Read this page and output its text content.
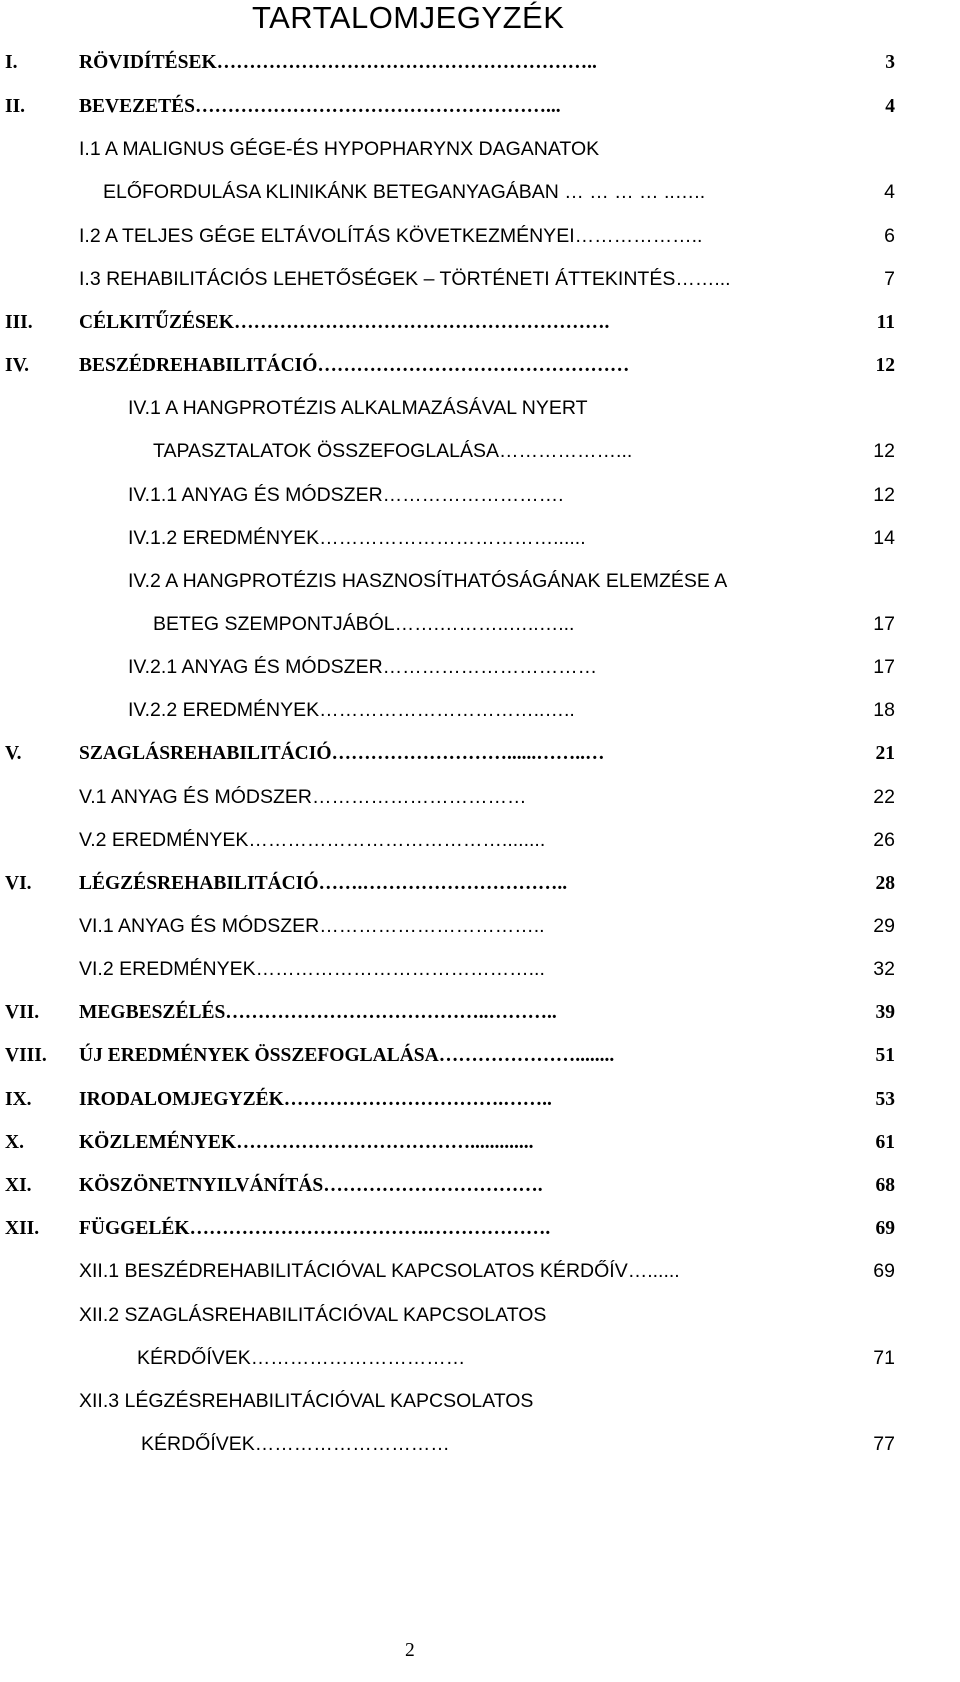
TARTALOMJEGYZÉK
I.	RÖVIDÍTÉSEK…………………………………………………..	3
II.	BEVEZETÉS………………………………………………...	4
I.1 A MALIGNUS GÉGE-ÉS HYPOPHARYNX DAGANATOK
ELŐFORDULÁSA KLINIKÁNK BETEGANYAGÁBAN … … … … ..…..	4
I.2 A TELJES GÉGE ELTÁVOLÍTÁS KÖVETKEZMÉNYEI………………..	6
I.3 REHABILITÁCIÓS LEHETŐSÉGEK – TÖRTÉNETI ÁTTEKINTÉS……...	7
III. CÉLKITŰZÉSEK………………………………………………….	11
IV.	BESZÉDREHABILITÁCIÓ…………………………………………	12
IV.1 A HANGPROTÉZIS ALKALMAZÁSÁVAL NYERT
TAPASZTALATOK ÖSSZEFOGLALÁSA………………...	12
IV.1.1 ANYAG ÉS MÓDSZER……………………….	12
IV.1.2 EREDMÉNYEK………………………………......	14
IV.2 A HANGPROTÉZIS HASZNOSÍTHATÓSÁGÁNAK ELEMZÉSE A
BETEG SZEMPONTJÁBÓL…….………..…..…...	17
IV.2.1 ANYAG ÉS MÓDSZER……………………………	17
IV.2.2 EREDMÉNYEK……………………………..…..	18
V.	SZAGLÁSREHABILITÁCIÓ………………………......……..…	21
V.1 ANYAG ÉS MÓDSZER……………………………	22
V.2 EREDMÉNYEK…………………………………........	26
VI. LÉGZÉSREHABILITÁCIÓ…….…………………………..	28
VI.1 ANYAG ÉS MÓDSZER……………………………..	29
VI.2 EREDMÉNYEK……………………………………...	32
VII. MEGBESZÉLÉS…………………………………..………..	39
VIII. ÚJ EREDMÉNYEK ÖSSZEFOGLALÁSA…………………........	51
IX. IRODALOMJEGYZÉK…………………………….……..	53
X.	KÖZLEMÉNYEK……………………………….............	61
XI. KÖSZÖNETNYILVÁNÍTÁS…………………………….	68
XII. FÜGGELÉK……………………………….……………….	69
XII.1 BESZÉDREHABILITÁCIÓVAL KAPCSOLATOS KÉRDŐÍV…......	69
XII.2 SZAGLÁSREHABILITÁCIÓVAL KAPCSOLATOS
KÉRDŐÍVEK……………………………	71
XII.3 LÉGZÉSREHABILITÁCIÓVAL KAPCSOLATOS
KÉRDŐÍVEK…………………………	77
2
